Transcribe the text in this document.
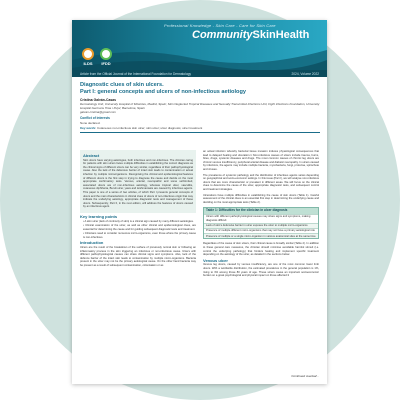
Professional Knowledge - Skin Care - Care for Skin Care
CommunitySkinHealth
ILDS IFDD
Article from the Official Journal of the International Foundation for Dermatology	2024, Volume 2022
Diagnostic clues of skin ulcers.
Part I: general concepts and ulcers of non-infectious aetiology
Cristina Galván-Casas
Dermatology Unit, University Hospital of Móstoles, Madrid, Spain; Skin Neglected Tropical Diseases and Sexually Transmitted Infections Unit, Fight Infections Foundation, University Hospital Germans Trias i Pujol, Barcelona, Spain
galvan.cristina@gmail.com
Conflict of interests
None declared.
Key words: Cutaneous non-infectious skin ulcer; skin ulcer; ulcer diagnosis; ulcer treatment
Abstract
Skin ulcers have varying aetiologies, both infectious and non-infectious. The clinician caring for patients with skin ulcers faces multiple difficulties in establishing the correct diagnosis as the clinical signs of different ulcers can be very similar, regardless of their pathophysiological cause. Also the lack of the defensive barrier of intact skin leads to contamination or actual infection by multiple microorganisms. Recognising the clinical and epidemiological features of different ulcers is the first step in trying to diagnose the cause and decide on the most appropriate confirmatory tests. Venous, arterial, neuropathic and some self-limited, associated ulcers are of non-infectious aetiology, whereas tropical ulcer, vasculitis, cutaneous diphtheria, Buruli ulcer, yaws and leishmaniasis are caused by infectious agents. This paper is one of a series of two articles, of which Part I presents general concepts of ulcers and the main characteristics in clinical clues of ulcers of non-infectious origin that may indicate the underlying aetiology, appropriate diagnostic tests and management of these ulcers. Subsequently, Part II, in the next edition, will address the features of ulcers caused by an infectious agent.
Key learning points
• A skin ulcer (lack of continuity of skin) is a clinical sign caused by many different aetiologies.
• Clinical examination of the ulcer, as well as other clinical and epidemiological clues, are essential for determining the cause and for guiding subsequent diagnostic tests and treatment.
• Clinicians need to consider numerous micro-organisms, even those where the primary cause is non-infectious.
Introduction
Ulcers are the result of the breakdown of the surface of previously normal skin or following an inflammatory process in the skin triggering an infectious or non-infectious cause. Ulcers with different pathophysiological causes can share clinical signs and symptoms. Also, lack of the defence barrier of the intact skin leads to contamination by multiple micro-organisms. Bacteria present in the ulcer may not be the primary aetiological cause. On the other hand bacteria may be present as a result of subsequent contamination, colonisation or as
an actual infection whereby bacterial tissue invasion induces physiological consequences that lead to delayed healing and ulceration.1 Non-infectious causes of ulcers include trauma, burns, bites, drugs, systemic diseases and drugs. The most common causes of chronic leg ulcers are chronic venous insufficiency, peripheral arterial disease and diabetic neuropathy. In ulcers caused by infections, the agents may include multiple bacteria, mycobacteria, fungi, protozoa, spirochete and viruses.
The prevalence of systemic pathology and the distribution of infectious agents varies depending on geographical and socio-economic settings. In this issue (Part I), we will analyse non-infectious ulcers that are more characteristic or prevalent in different areas. We will focus on the clinical clues to determine the cause of the ulcer, appropriate diagnostic tests, and subsequent control and treatment strategies.
Ulcerations have multiple difficulties in establishing the cause of skin ulcers (Table 1). Careful assessment of the clinical clues is an essential first step in determining the underlying cause and deciding on the most appropriate tests (Table 2).
Table 1: Difficulties for the clinician in ulcer diagnosis
Ulcers with different pathophysiological causes may share signs and symptoms, making diagnosis difficult
Lack of skin's defensive barrier in ulcer exposes the ulcer to multiple micro-organisms
Presence of multiple different micro-organisms that may not have a primary aetiological role
Presence of multiple or a single micro-organism in various anatomical sites at the same time
Regardless of the cause of skin ulcers, their clinical cause is broadly similar (Table 2). In addition to these general care measures, the clinician should minimise avoidable harmful stimuli (i.e. control the underlying pathology) that hinders healing and implement specific treatment depending on the aetiology of the ulcer, as detailed in the sections below.
Venous ulcer
Venous leg ulcers, caused by venous insufficiency, are one of the most common lower limb ulcers. With a worldwide distribution, the estimated prevalence in the general population is 1%, rising to 3% among those 80 years of age. These ulcers cause an important socioeconomic burden on a great psychological and physical impact on those affected.3
Continued overleaf...
